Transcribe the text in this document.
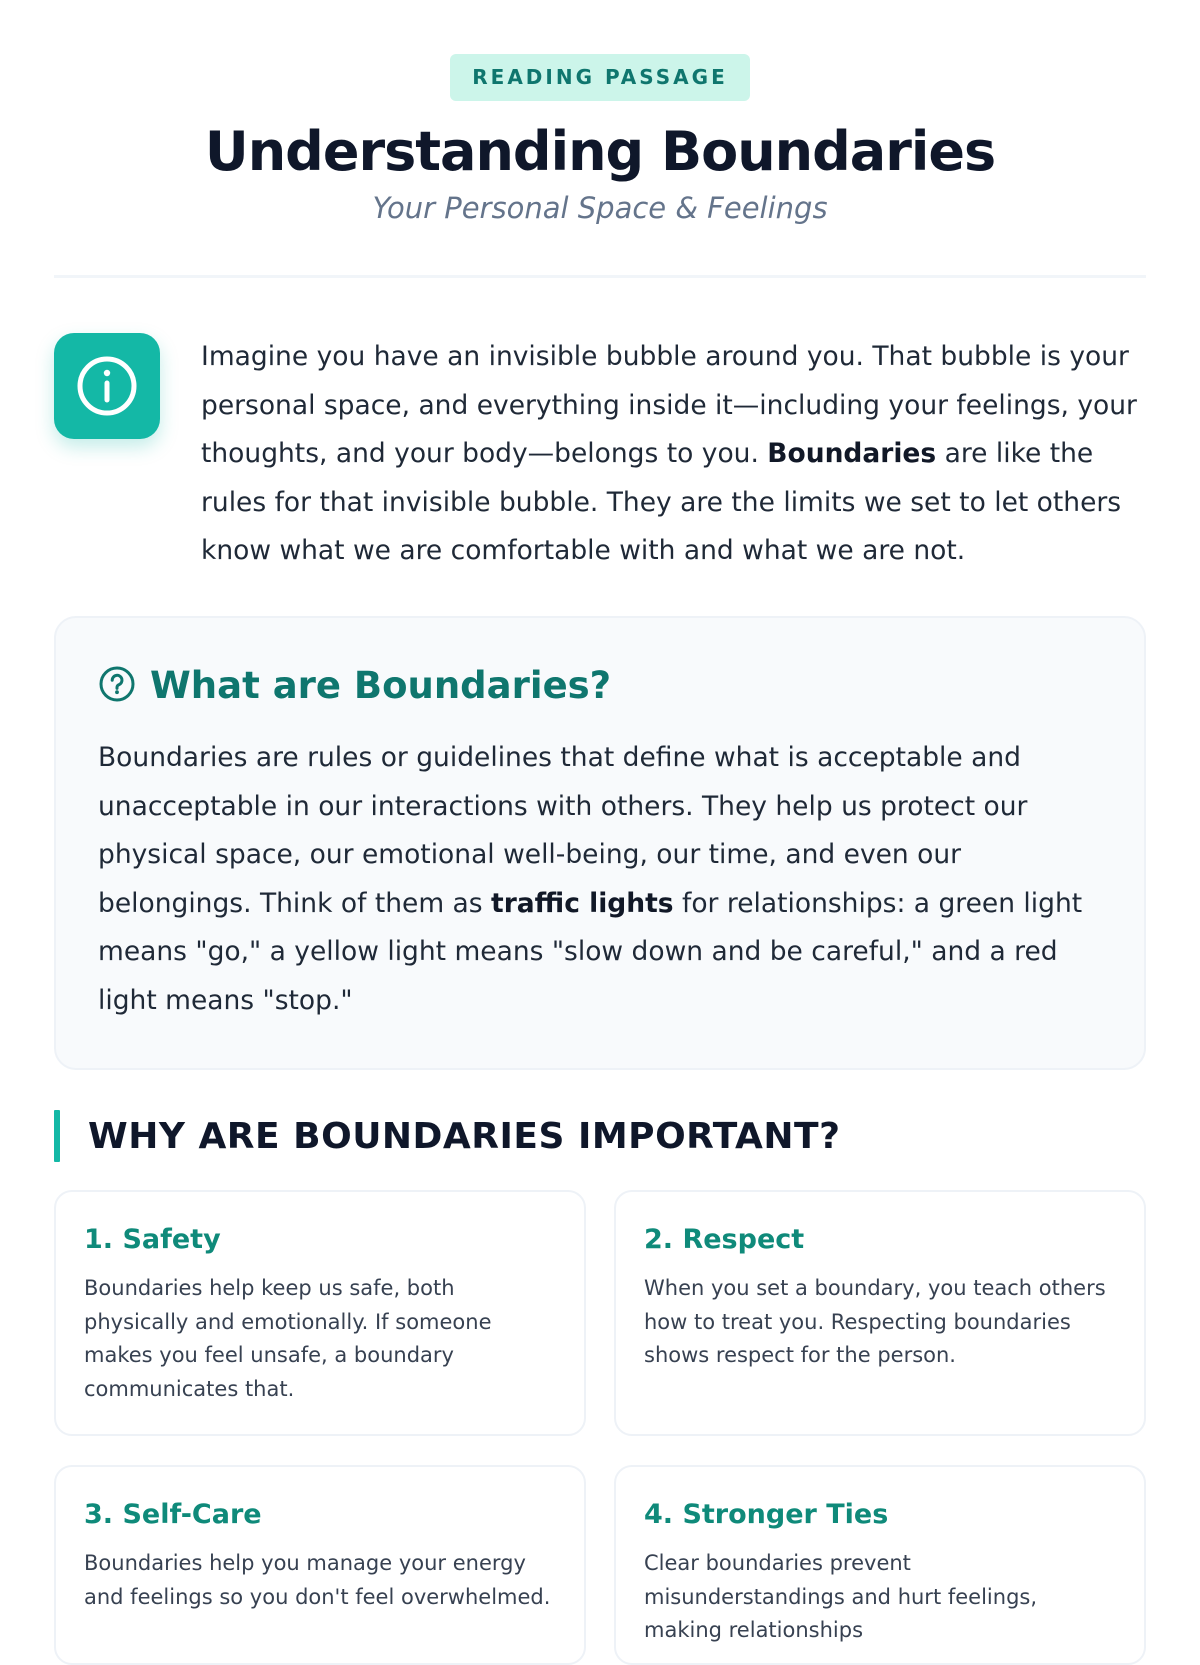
READING PASSAGE
Understanding Boundaries
Your Personal Space & Feelings

Imagine you have an invisible bubble around you. That bubble is your personal space, and everything inside it—including your feelings, your thoughts, and your body—belongs to you. Boundaries are like the rules for that invisible bubble. They are the limits we set to let others know what we are comfortable with and what we are not.

What are Boundaries?

Boundaries are rules or guidelines that define what is acceptable and unacceptable in our interactions with others. They help us protect our physical space, our emotional well-being, our time, and even our belongings. Think of them as traffic lights for relationships: a green light means "go," a yellow light means "slow down and be careful," and a red light means "stop."

WHY ARE BOUNDARIES IMPORTANT?
1. Safety
Boundaries help keep us safe, both physically and emotionally. If someone makes you feel unsafe, a boundary communicates that.
2. Respect
When you set a boundary, you teach others how to treat you. Respecting boundaries shows respect for the person.
3. Self-Care
Boundaries help you manage your energy and feelings so you don't feel overwhelmed.
4. Stronger Ties
Clear boundaries prevent misunderstandings and hurt feelings, making relationships
